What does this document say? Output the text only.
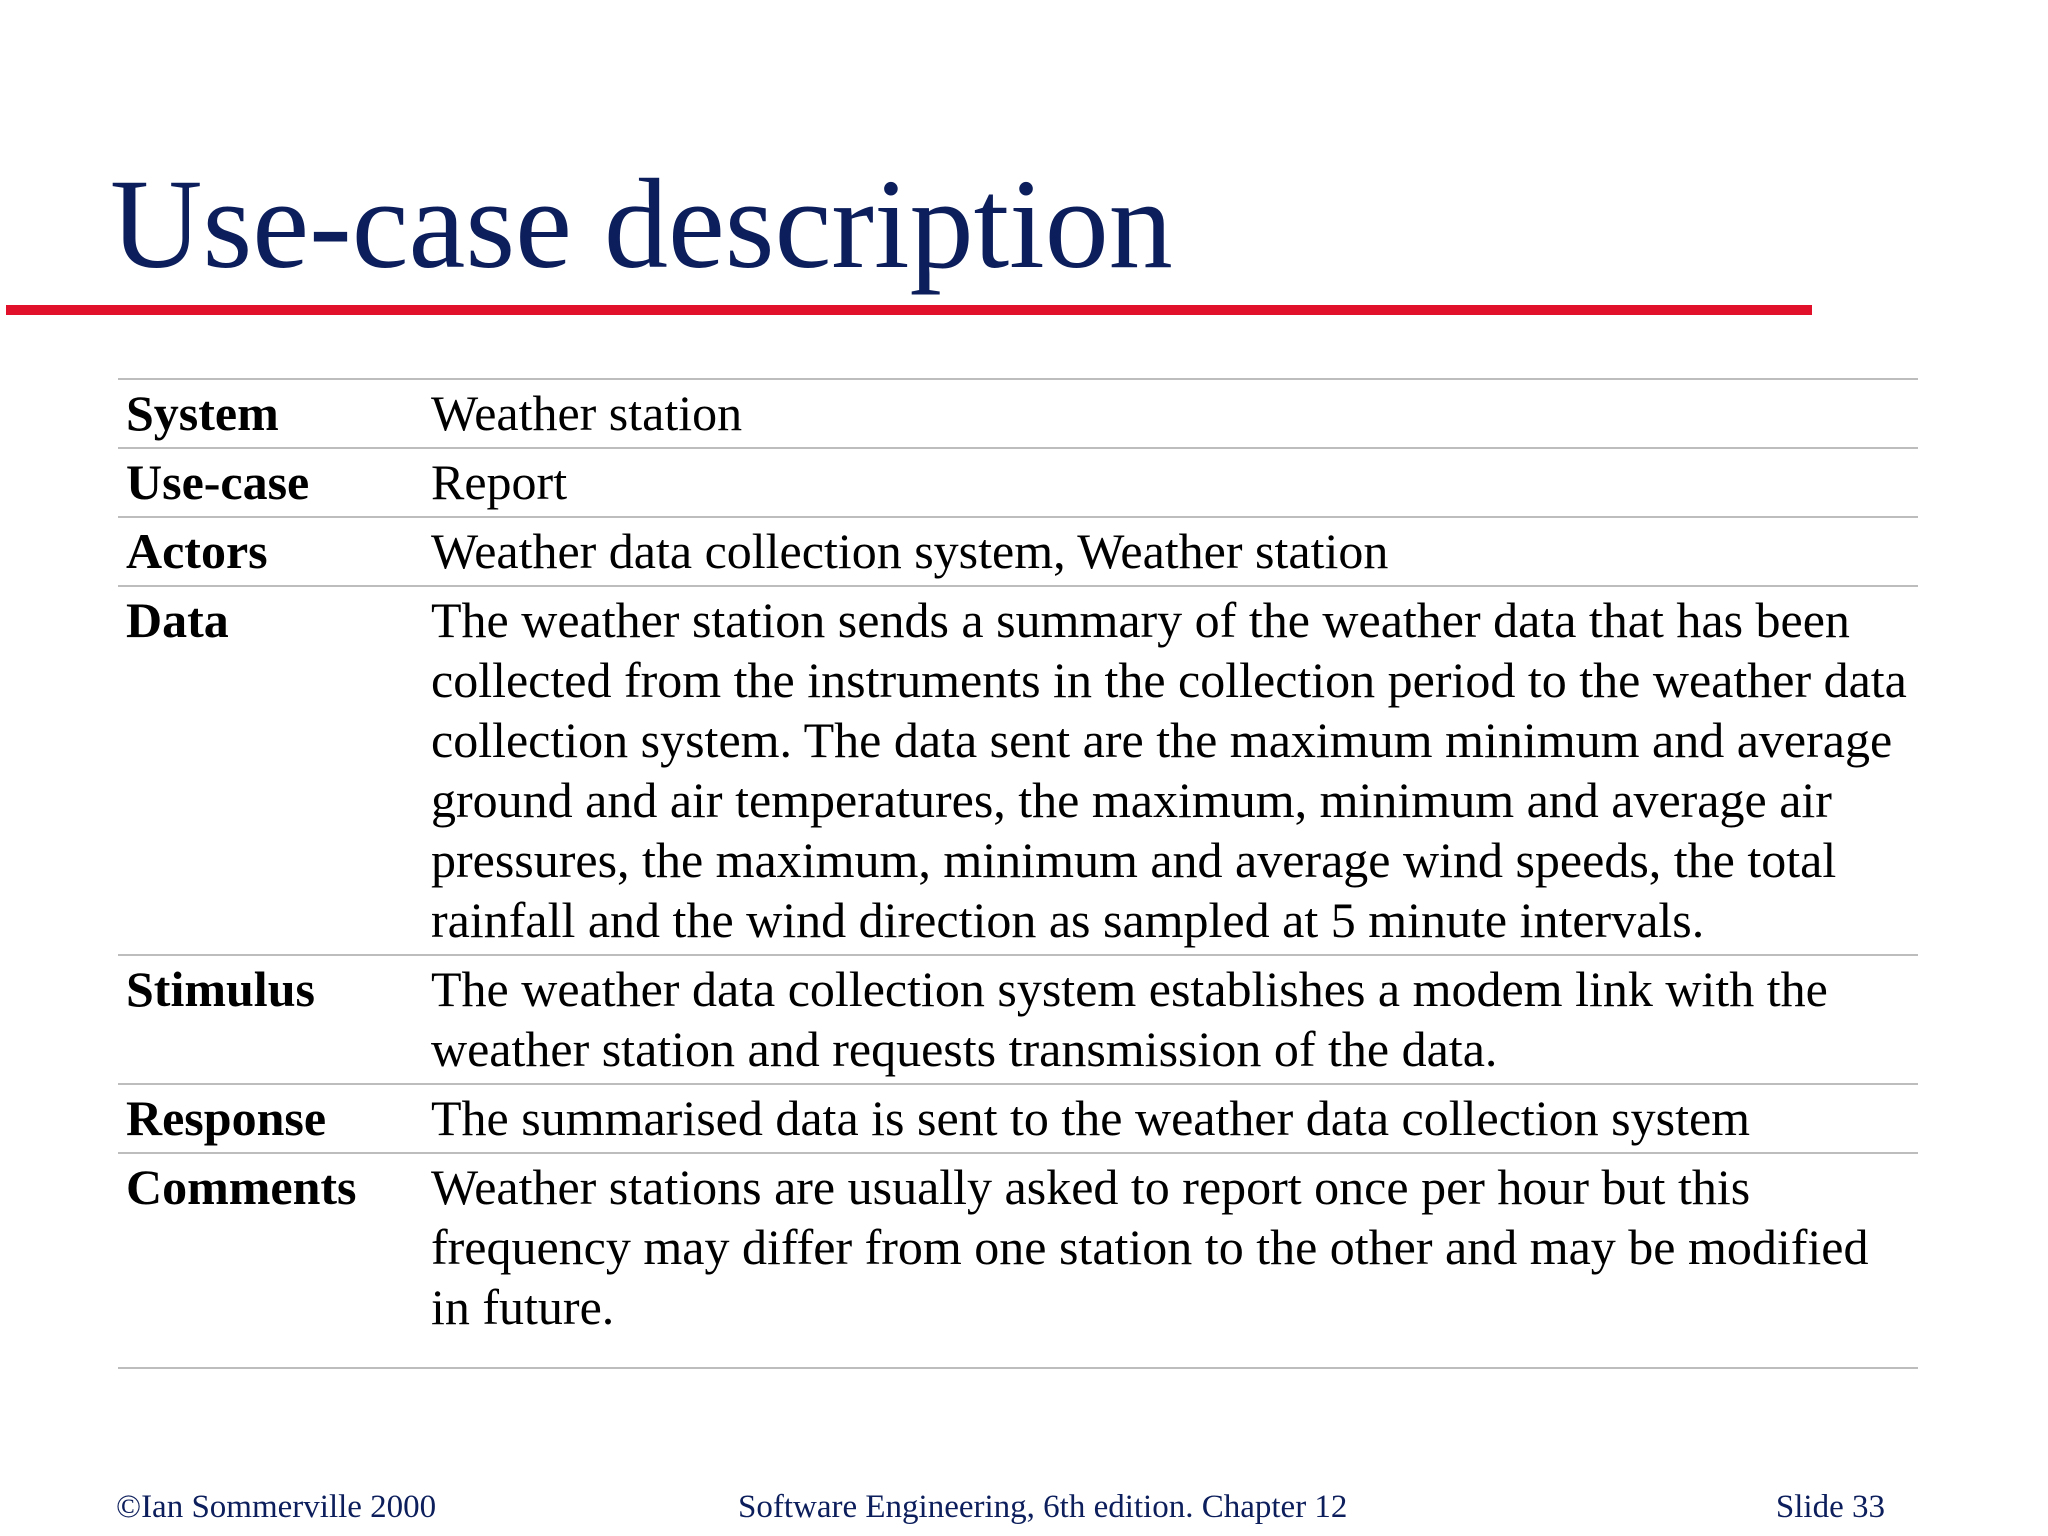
Use-case description
System	Weather station
Use-case	Report
Actors	Weather data collection system, Weather station
Data	The weather station sends a summary of the weather data that has been collected from the instruments in the collection period to the weather data collection system. The data sent are the maximum minimum and average ground and air temperatures, the maximum, minimum and average air pressures, the maximum, minimum and average wind speeds, the total rainfall and the wind direction as sampled at 5 minute intervals.
Stimulus	The weather data collection system establishes a modem link with the weather station and requests transmission of the data.
Response	The summarised data is sent to the weather data collection system
Comments	Weather stations are usually asked to report once per hour but this frequency may differ from one station to the other and may be modified in future.
©Ian Sommerville 2000	Software Engineering, 6th edition. Chapter 12	Slide 33
